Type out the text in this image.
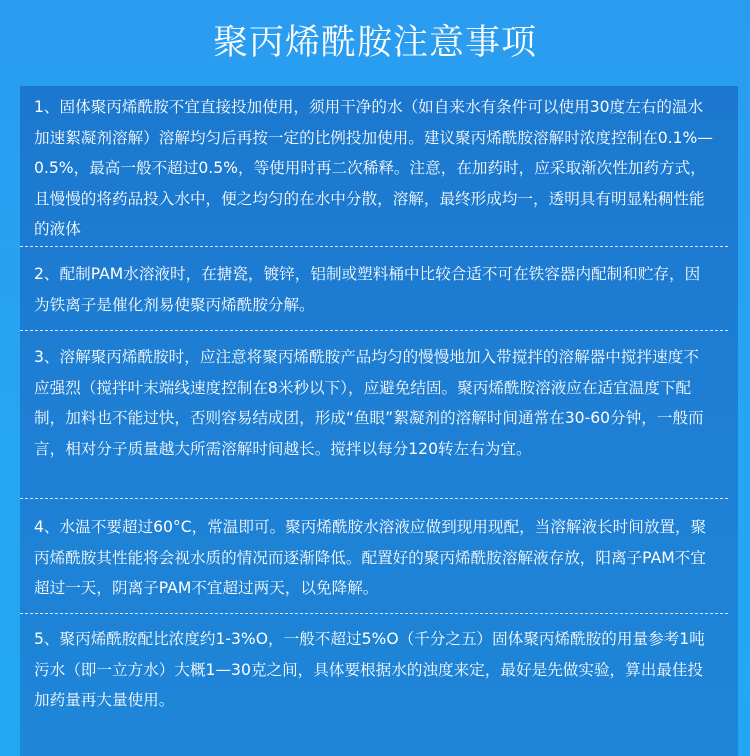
聚丙烯酰胺注意事项
1、固体聚丙烯酰胺不宜直接投加使用，须用干净的水（如自来水有条件可以使用30度左右的温水加速絮凝剂溶解）溶解均匀后再按一定的比例投加使用。建议聚丙烯酰胺溶解时浓度控制在0.1%—0.5%，最高一般不超过0.5%，等使用时再二次稀释。注意，在加药时，应采取渐次性加药方式，且慢慢的将药品投入水中，便之均匀的在水中分散，溶解，最终形成均一，透明具有明显粘稠性能的液体
2、配制PAM水溶液时，在搪瓷，镀锌，铝制或塑料桶中比较合适不可在铁容器内配制和贮存，因为铁离子是催化剂易使聚丙烯酰胺分解。
3、溶解聚丙烯酰胺时，应注意将聚丙烯酰胺产品均匀的慢慢地加入带搅拌的溶解器中搅拌速度不应强烈（搅拌叶末端线速度控制在8米秒以下），应避免结固。聚丙烯酰胺溶液应在适宜温度下配制，加料也不能过快，否则容易结成团，形成“鱼眼”絮凝剂的溶解时间通常在30-60分钟，一般而言，相对分子质量越大所需溶解时间越长。搅拌以每分120转左右为宜。
4、水温不要超过60°C，常温即可。聚丙烯酰胺水溶液应做到现用现配，当溶解液长时间放置，聚丙烯酰胺其性能将会视水质的情况而逐渐降低。配置好的聚丙烯酰胺溶解液存放，阳离子PAM不宜超过一天，阴离子PAM不宜超过两天，以免降解。
5、聚丙烯酰胺配比浓度约1-3%O，一般不超过5%O（千分之五）固体聚丙烯酰胺的用量参考1吨污水（即一立方水）大概1—30克之间，具体要根据水的浊度来定，最好是先做实验，算出最佳投加药量再大量使用。
